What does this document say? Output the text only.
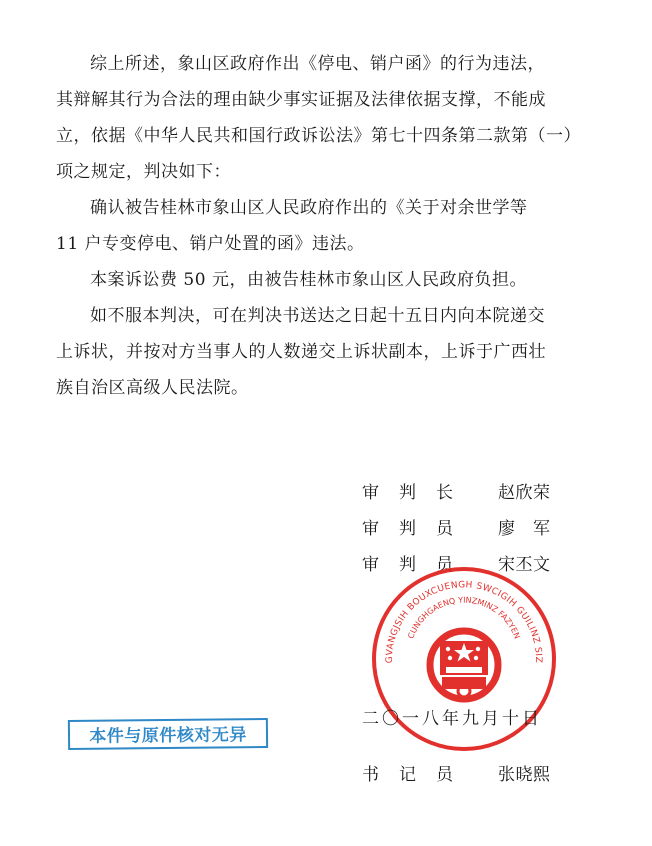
综上所述，象山区政府作出《停电、销户函》的行为违法，
其辩解其行为合法的理由缺少事实证据及法律依据支撑，不能成
立，依据《中华人民共和国行政诉讼法》第七十四条第二款第（一）
项之规定，判决如下：
确认被告桂林市象山区人民政府作出的《关于对余世学等
11 户专变停电、销户处置的函》违法。
本案诉讼费 50 元，由被告桂林市象山区人民政府负担。
如不服本判决，可在判决书送达之日起十五日内向本院递交
上诉状，并按对方当事人的人数递交上诉状副本，上诉于广西壮
族自治区高级人民法院。
审判长 赵欣荣
审判员 廖　军
审判员 宋丕文
GVANGJSIH BOUXCUENGH SWCIGIH GUILINZ SIZ
CUNGHGAENQ YINZMINZ FAZYEN
二〇一八年九月十日
本件与原件核对无异
书记员 张晓熙
